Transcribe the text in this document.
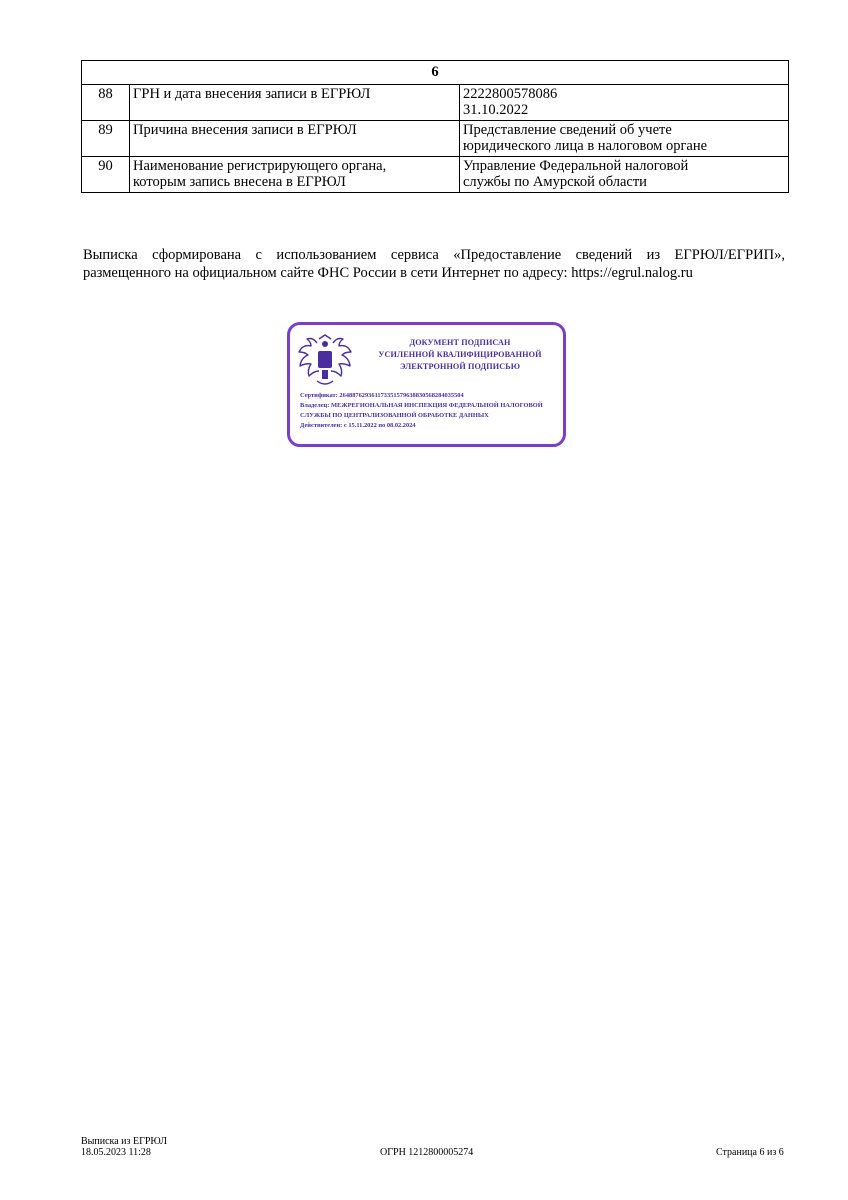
6		
88	ГРН и дата внесения записи в ЕГРЮЛ	2222800578086
31.10.2022
89	Причина внесения записи в ЕГРЮЛ	Представление сведений об учете
юридического лица в налоговом органе
90	Наименование регистрирующего органа,
которым запись внесена в ЕГРЮЛ	Управление Федеральной налоговой
службы по Амурской области
Выписка сформирована с использованием сервиса «Предоставление сведений из ЕГРЮЛ/ЕГРИП», размещенного на официальном сайте ФНС России в сети Интернет по адресу: https://egrul.nalog.ru
ДОКУМЕНТ ПОДПИСАН
УСИЛЕННОЙ КВАЛИФИЦИРОВАННОЙ
ЭЛЕКТРОННОЙ ПОДПИСЬЮ
Сертификат: 2648876293611733515796388305682840355​04
Владелец: МЕЖРЕГИОНАЛЬНАЯ ИНСПЕКЦИЯ ФЕДЕРАЛЬНОЙ НАЛОГОВОЙ СЛУЖБЫ ПО ЦЕНТРАЛИЗОВАННОЙ ОБРАБОТКЕ ДАННЫХ
Действителен: с 15.11.2022 по 08.02.2024
Выписка из ЕГРЮЛ
18.05.2023 11:28	ОГРН 1212800005274	Страница 6 из 6
